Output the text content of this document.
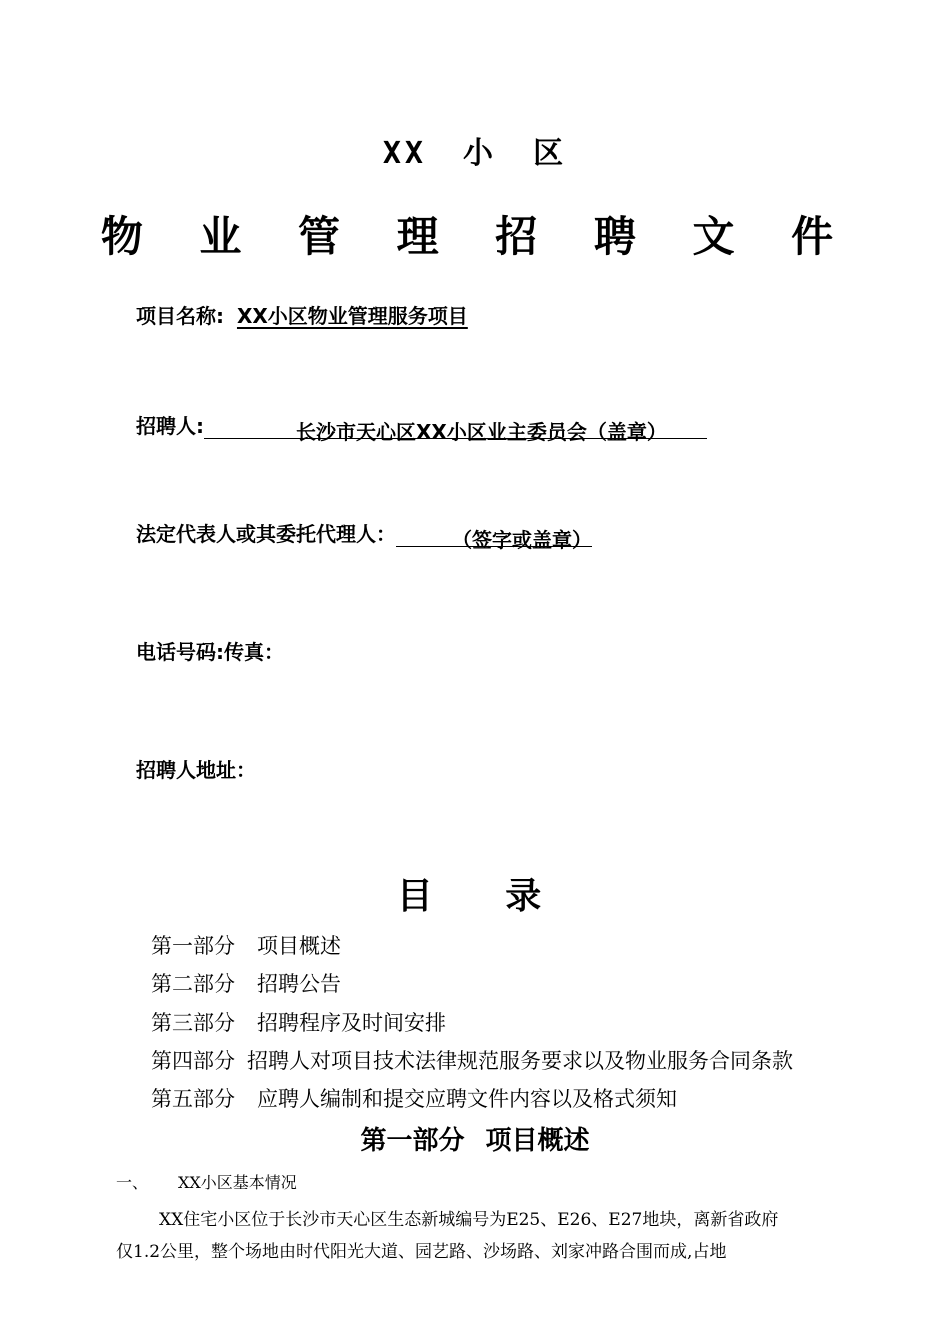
XX 小 区
物 业 管 理 招 聘 文 件
项目名称: XX小区物业管理服务项目
招聘人:	长沙市天心区XX小区业主委员会（盖章）
法定代表人或其委托代理人：	（签字或盖章）
电话号码:传真：
招聘人地址：
目 录
第一部分 项目概述
第二部分 招聘公告
第三部分 招聘程序及时间安排
第四部分 招聘人对项目技术法律规范服务要求以及物业服务合同条款
第五部分 应聘人编制和提交应聘文件内容以及格式须知
第一部分 项目概述
一、 XX小区基本情况
XX住宅小区位于长沙市天心区生态新城编号为E25、E26、E27地块，离新省政府
仅1.2公里，整个场地由时代阳光大道、园艺路、沙场路、刘家冲路合围而成,占地
